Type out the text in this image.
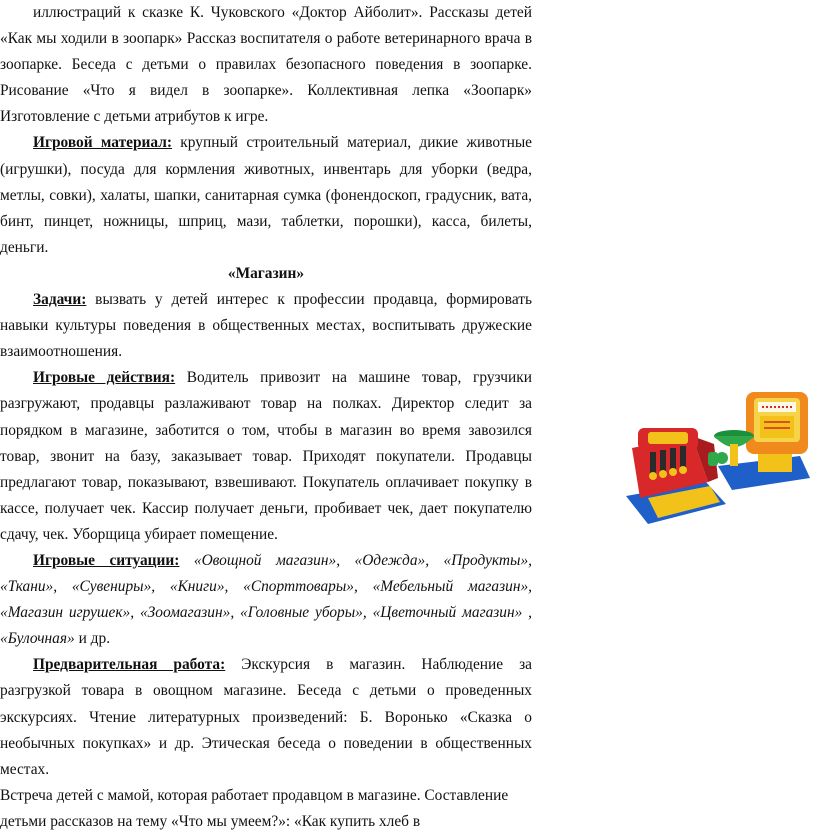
иллюстраций к сказке К. Чуковского «Доктор Айболит». Рассказы детей «Как мы ходили в зоопарк» Рассказ воспитателя о работе ветеринарного врача в зоопарке. Беседа с детьми о правилах безопасного поведения в зоопарке. Рисование «Что я видел в зоопарке». Коллективная лепка «Зоопарк» Изготовление с детьми атрибутов к игре.

Игровой материал: крупный строительный материал, дикие животные (игрушки), посуда для кормления животных, инвентарь для уборки (ведра, метлы, совки), халаты, шапки, санитарная сумка (фонендоскоп, градусник, вата, бинт, пинцет, ножницы, шприц, мази, таблетки, порошки), касса, билеты, деньги.

«Магазин»

Задачи: вызвать у детей интерес к профессии продавца, формировать навыки культуры поведения в общественных местах, воспитывать дружеские взаимоотношения.

Игровые действия: Водитель привозит на машине товар, грузчики разгружают, продавцы разлаживают товар на полках. Директор следит за порядком в магазине, заботится о том, чтобы в магазин во время завозился товар, звонит на базу, заказывает товар. Приходят покупатели. Продавцы предлагают товар, показывают, взвешивают. Покупатель оплачивает покупку в кассе, получает чек. Кассир получает деньги, пробивает чек, дает покупателю сдачу, чек. Уборщица убирает помещение.

Игровые ситуации: «Овощной магазин», «Одежда», «Продукты», «Ткани», «Сувениры», «Книги», «Спорттовары», «Мебельный магазин», «Магазин игрушек», «Зоомагазин», «Головные уборы», «Цветочный магазин» , «Булочная» и др.

Предварительная работа: Экскурсия в магазин. Наблюдение за разгрузкой товара в овощном магазине. Беседа с детьми о проведенных экскурсиях. Чтение литературных произведений: Б. Воронько «Сказка о необычных покупках» и др. Этическая беседа о поведении в общественных местах.

Встреча детей с мамой, которая работает продавцом в магазине. Составление детьми рассказов на тему «Что мы умеем?»: «Как купить хлеб в
